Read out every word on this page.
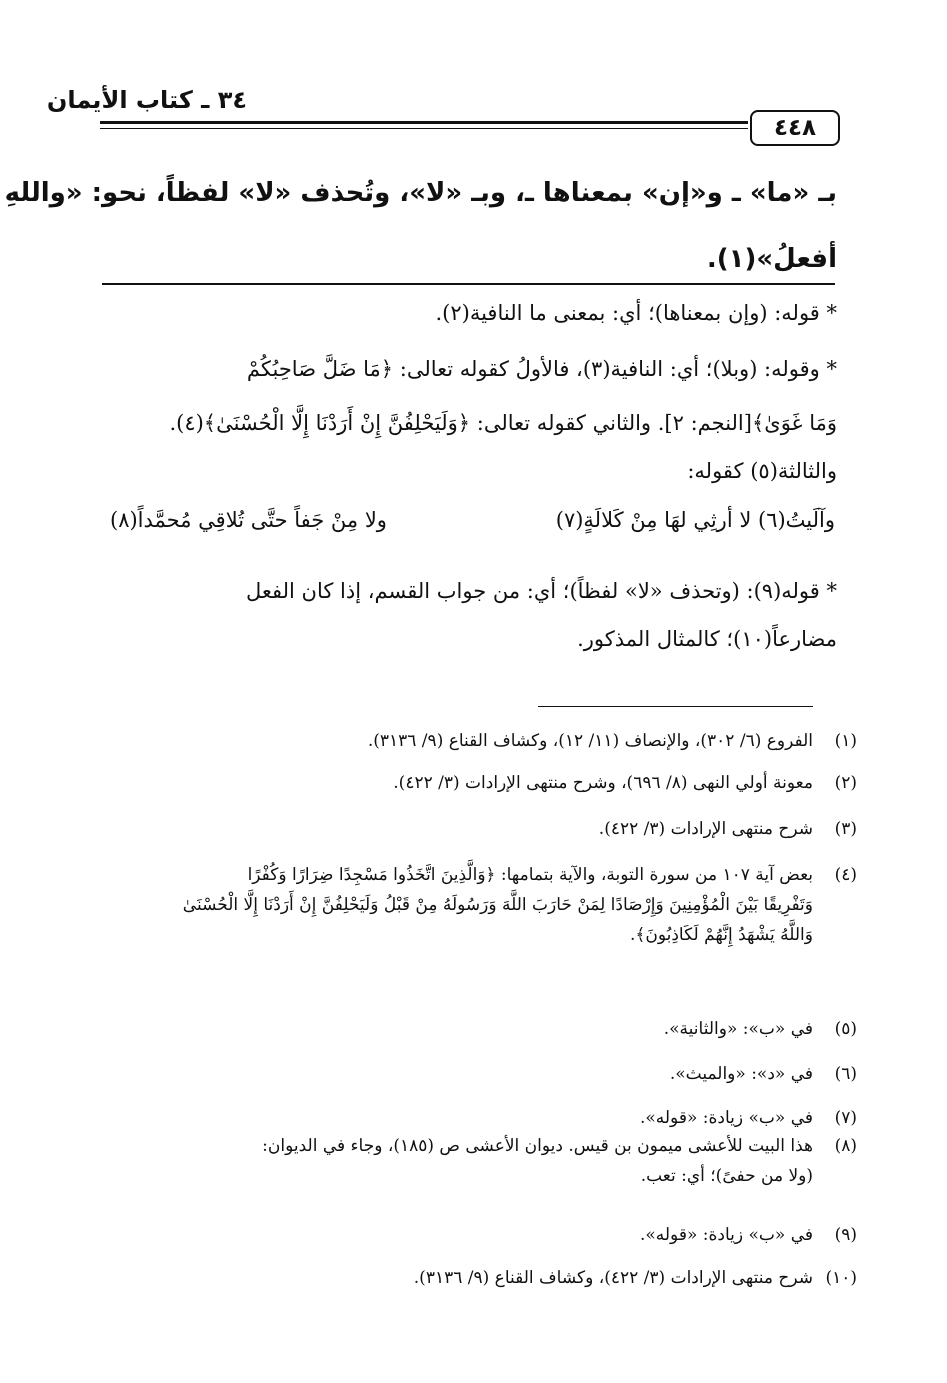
٣٤ ـ كتاب الأيمان
٤٤٨
بـ «ما» ـ و«إن» بمعناها ـ، وبـ «لا»، وتُحذف «لا» لفظاً، نحو: «واللهِ
أفعلُ»(١).
* قوله: (وإن بمعناها)؛ أي: بمعنى ما النافية(٢).
* وقوله: (وبلا)؛ أي: النافية(٣)، فالأولُ كقوله تعالى: ﴿مَا ضَلَّ صَاحِبُكُمْ
وَمَا غَوَىٰ﴾[النجم: ٢]. والثاني كقوله تعالى: ﴿وَلَيَحْلِفُنَّ إِنْ أَرَدْنَا إِلَّا الْحُسْنَىٰ﴾(٤).
والثالثة(٥) كقوله:
وآلَيتُ(٦) لا أرثِي لهَا مِنْ كَلالَةٍ(٧)
ولا مِنْ جَفاً حتَّى تُلاقِي مُحمَّداً(٨)
* قوله(٩): (وتحذف «لا» لفظاً)؛ أي: من جواب القسم، إذا كان الفعل
مضارعاً(١٠)؛ كالمثال المذكور.
(١)
الفروع (٦/ ٣٠٢)، والإنصاف (١١/ ١٢)، وكشاف القناع (٩/ ٣١٣٦).
(٢)
معونة أولي النهى (٨/ ٦٩٦)، وشرح منتهى الإرادات (٣/ ٤٢٢).
(٣)
شرح منتهى الإرادات (٣/ ٤٢٢).
(٤)
بعض آية ١٠٧ من سورة التوبة، والآية بتمامها: ﴿وَالَّذِينَ اتَّخَذُوا مَسْجِدًا ضِرَارًا وَكُفْرًا
وَتَفْرِيقًا بَيْنَ الْمُؤْمِنِينَ وَإِرْصَادًا لِمَنْ حَارَبَ اللَّهَ وَرَسُولَهُ مِنْ قَبْلُ وَلَيَحْلِفُنَّ إِنْ أَرَدْنَا إِلَّا الْحُسْنَىٰ
وَاللَّهُ يَشْهَدُ إِنَّهُمْ لَكَاذِبُونَ﴾.
(٥)
في «ب»: «والثانية».
(٦)
في «د»: «والميث».
(٧)
في «ب» زيادة: «قوله».
(٨)
هذا البيت للأعشى ميمون بن قيس. ديوان الأعشى ص (١٨٥)، وجاء في الديوان:
(ولا من حفىً)؛ أي: تعب.
(٩)
في «ب» زيادة: «قوله».
(١٠)
شرح منتهى الإرادات (٣/ ٤٢٢)، وكشاف القناع (٩/ ٣١٣٦).
